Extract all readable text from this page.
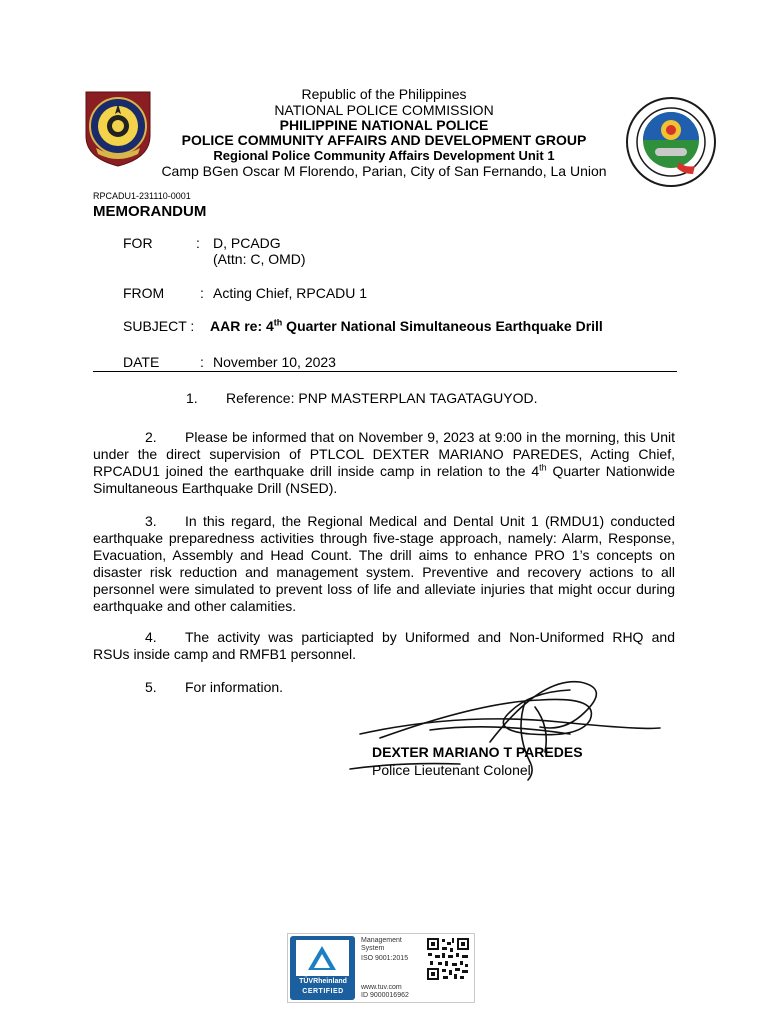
Republic of the Philippines
NATIONAL POLICE COMMISSION
PHILIPPINE NATIONAL POLICE
POLICE COMMUNITY AFFAIRS AND DEVELOPMENT GROUP
Regional Police Community Affairs Development Unit 1
Camp BGen Oscar M Florendo, Parian, City of San Fernando, La Union
RPCADU1-231110-0001
MEMORANDUM
FOR	: D, PCADG
(Attn: C, OMD)
FROM	: Acting Chief, RPCADU 1
SUBJECT : AAR re: 4th Quarter National Simultaneous Earthquake Drill
DATE	: November 10, 2023
1. Reference: PNP MASTERPLAN TAGATAGUYOD.
2. Please be informed that on November 9, 2023 at 9:00 in the morning, this Unit under the direct supervision of PTLCOL DEXTER MARIANO PAREDES, Acting Chief, RPCADU1 joined the earthquake drill inside camp in relation to the 4th Quarter Nationwide Simultaneous Earthquake Drill (NSED).
3. In this regard, the Regional Medical and Dental Unit 1 (RMDU1) conducted earthquake preparedness activities through five-stage approach, namely: Alarm, Response, Evacuation, Assembly and Head Count. The drill aims to enhance PRO 1’s concepts on disaster risk reduction and management system. Preventive and recovery actions to all personnel were simulated to prevent loss of life and alleviate injuries that might occur during earthquake and other calamities.
4. The activity was particiapted by Uniformed and Non-Uniformed RHQ and RSUs inside camp and RMFB1 personnel.
5. For information.
DEXTER MARIANO T PAREDES
Police Lieutenant Colonel
TÜVRheinland
CERTIFIED
Management
System
ISO 9001:2015
www.tuv.com
ID 9000016962
